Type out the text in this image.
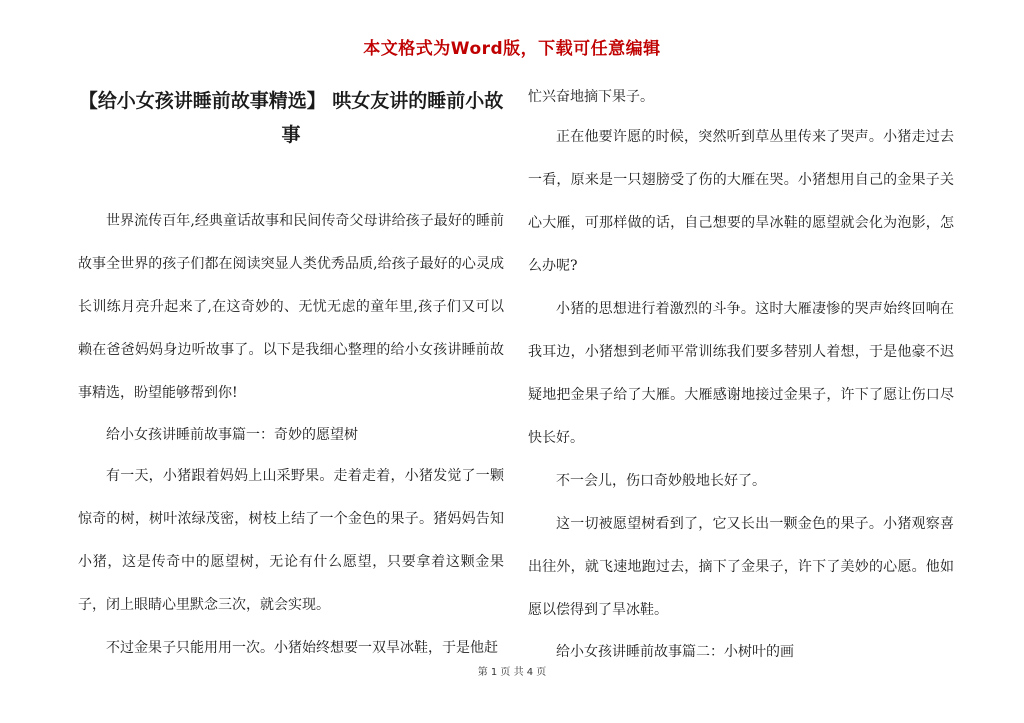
本文格式为Word版，下载可任意编辑
【给小女孩讲睡前故事精选】 哄女友讲的睡前小故事

世界流传百年,经典童话故事和民间传奇父母讲给孩子最好的睡前故事全世界的孩子们都在阅读突显人类优秀品质,给孩子最好的心灵成长训练月亮升起来了,在这奇妙的、无忧无虑的童年里,孩子们又可以赖在爸爸妈妈身边听故事了。以下是我细心整理的给小女孩讲睡前故事精选，盼望能够帮到你!

给小女孩讲睡前故事篇一：奇妙的愿望树

有一天，小猪跟着妈妈上山采野果。走着走着，小猪发觉了一颗惊奇的树，树叶浓绿茂密，树枝上结了一个金色的果子。猪妈妈告知小猪，这是传奇中的愿望树，无论有什么愿望，只要拿着这颗金果子，闭上眼睛心里默念三次，就会实现。

不过金果子只能用用一次。小猪始终想要一双旱冰鞋，于是他赶

忙兴奋地摘下果子。

正在他要许愿的时候，突然听到草丛里传来了哭声。小猪走过去一看，原来是一只翅膀受了伤的大雁在哭。小猪想用自己的金果子关心大雁，可那样做的话，自己想要的旱冰鞋的愿望就会化为泡影，怎么办呢?

小猪的思想进行着激烈的斗争。这时大雁凄惨的哭声始终回响在我耳边，小猪想到老师平常训练我们要多替别人着想，于是他豪不迟疑地把金果子给了大雁。大雁感谢地接过金果子，许下了愿让伤口尽快长好。

不一会儿，伤口奇妙般地长好了。

这一切被愿望树看到了，它又长出一颗金色的果子。小猪观察喜出往外，就飞速地跑过去，摘下了金果子，许下了美妙的心愿。他如愿以偿得到了旱冰鞋。

给小女孩讲睡前故事篇二：小树叶的画

第 1 页 共 4 页
